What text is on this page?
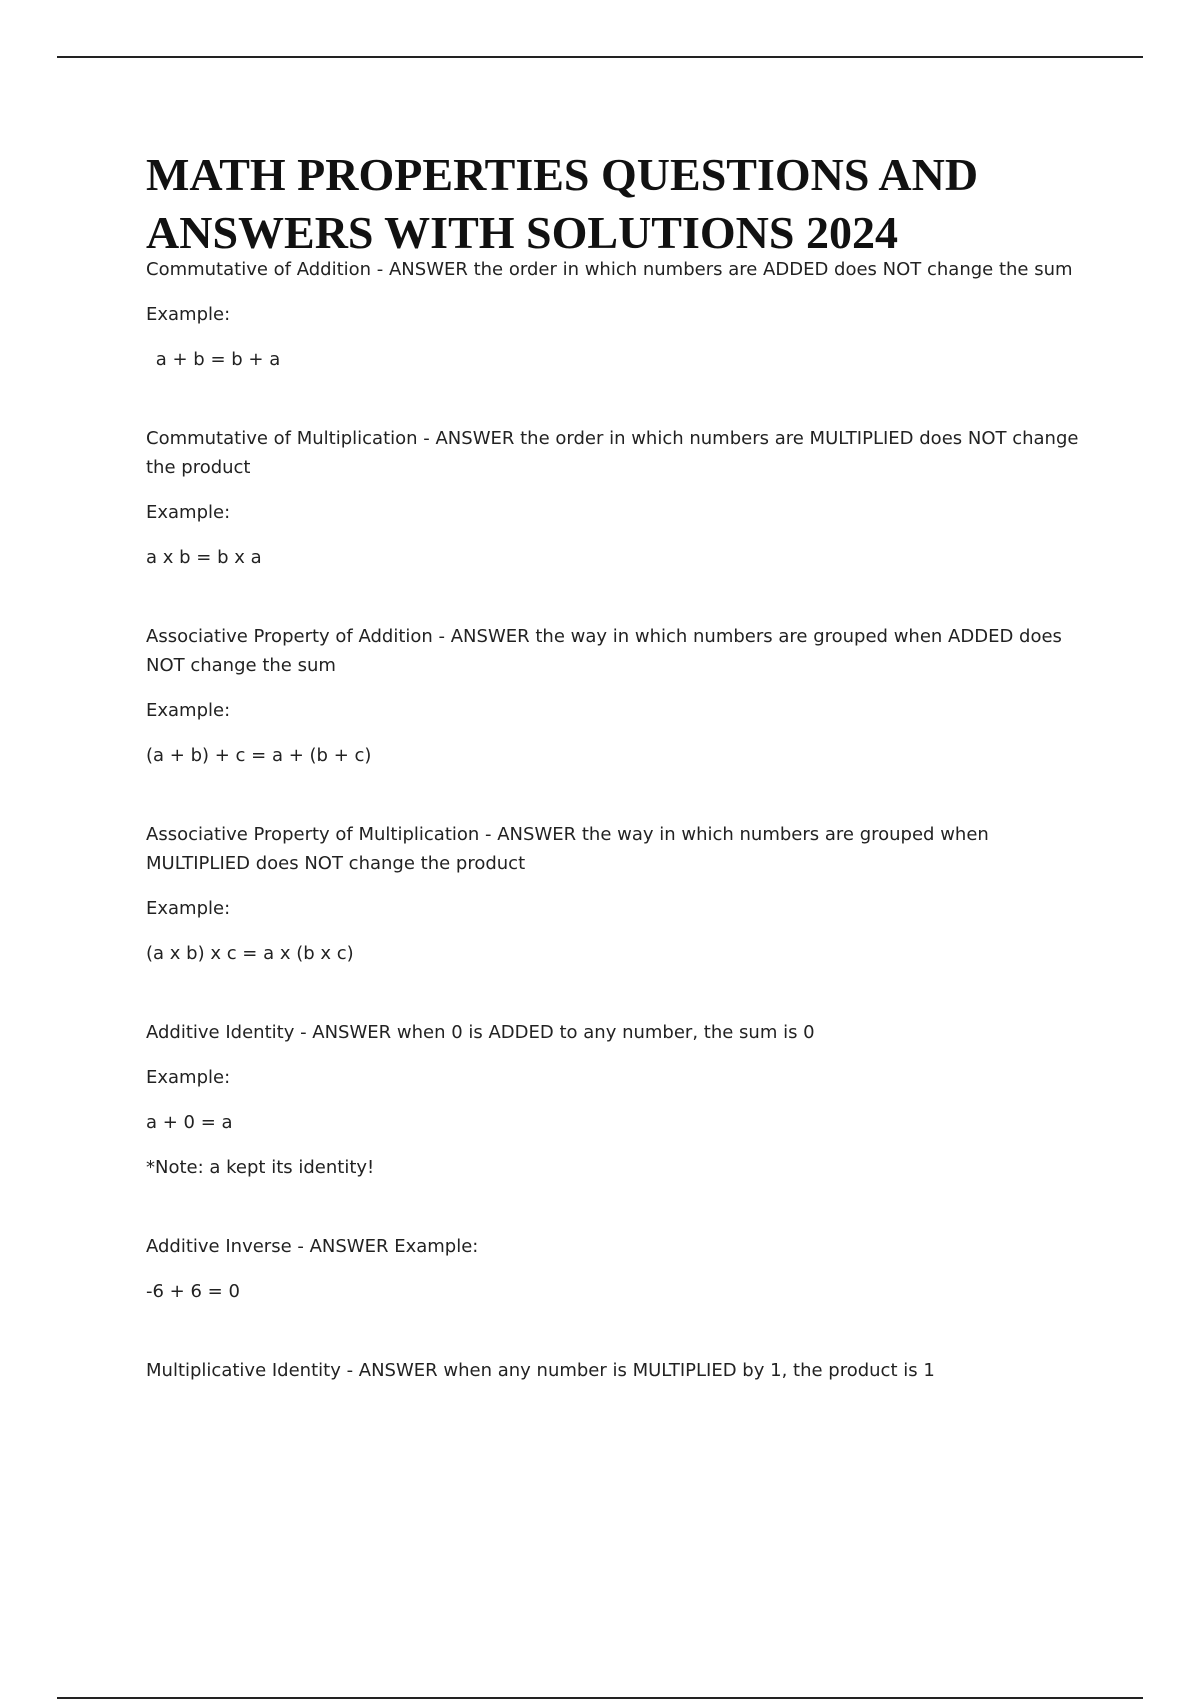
MATH PROPERTIES QUESTIONS AND ANSWERS WITH SOLUTIONS 2024

Commutative of Addition - ANSWER the order in which numbers are ADDED does NOT change the sum

Example:

a + b = b + a

Commutative of Multiplication - ANSWER the order in which numbers are MULTIPLIED does NOT change the product

Example:

a x b = b x a

Associative Property of Addition - ANSWER the way in which numbers are grouped when ADDED does NOT change the sum

Example:

(a + b) + c = a + (b + c)

Associative Property of Multiplication - ANSWER the way in which numbers are grouped when MULTIPLIED does NOT change the product

Example:

(a x b) x c = a x (b x c)

Additive Identity - ANSWER when 0 is ADDED to any number, the sum is 0

Example:

a + 0 = a

*Note: a kept its identity!

Additive Inverse - ANSWER Example:

-6 + 6 = 0

Multiplicative Identity - ANSWER when any number is MULTIPLIED by 1, the product is 1
